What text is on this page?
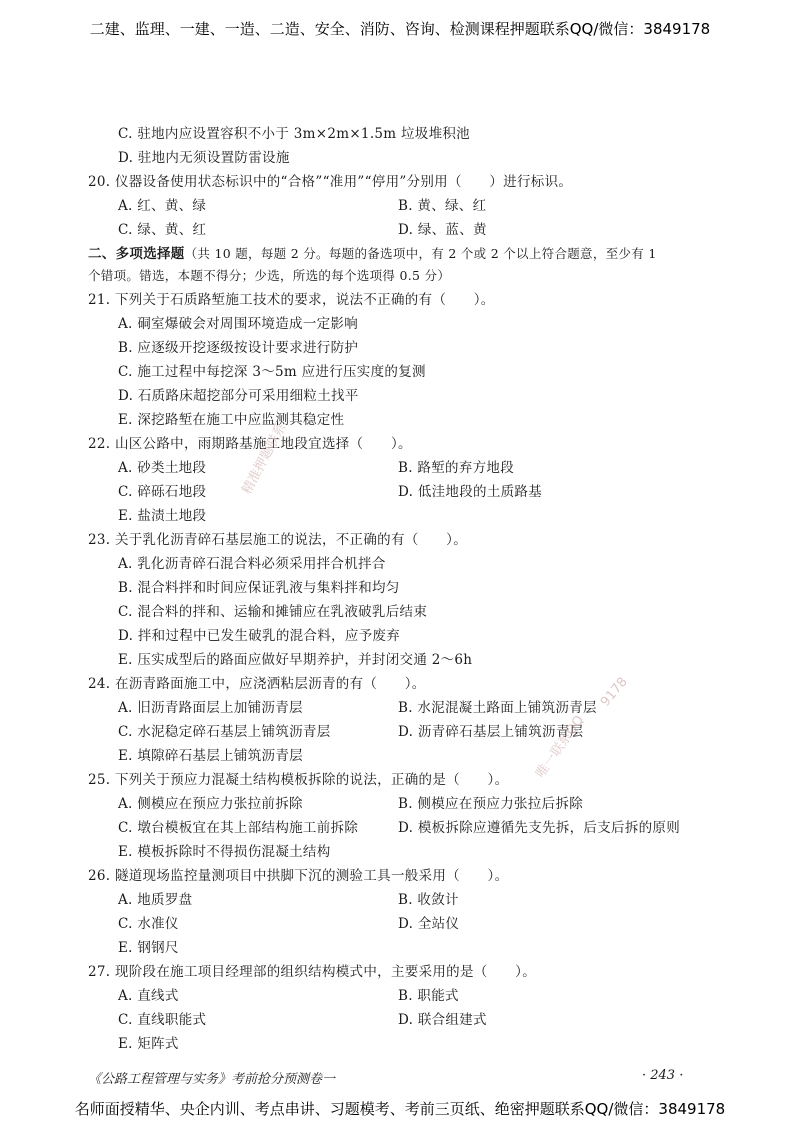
二建、监理、一建、一造、二造、安全、消防、咨询、检测课程押题联系QQ/微信：3849178
C. 驻地内应设置容积不小于 3m×2m×1.5m 垃圾堆积池
D. 驻地内无须设置防雷设施
20. 仪器设备使用状态标识中的“合格”“准用”“停用”分别用（　　）进行标识。
A. 红、黄、绿	B. 黄、绿、红
C. 绿、黄、红	D. 绿、蓝、黄
二、多项选择题（共 10 题，每题 2 分。每题的备选项中，有 2 个或 2 个以上符合题意，至少有 1
个错项。错选，本题不得分；少选，所选的每个选项得 0.5 分）
21. 下列关于石质路堑施工技术的要求，说法不正确的有（　　）。
A. 硐室爆破会对周围环境造成一定影响
B. 应逐级开挖逐级按设计要求进行防护
C. 施工过程中每挖深 3～5m 应进行压实度的复测
D. 石质路床超挖部分可采用细粒土找平
E. 深挖路堑在施工中应监测其稳定性
22. 山区公路中，雨期路基施工地段宜选择（　　）。
A. 砂类土地段	B. 路堑的弃方地段
C. 碎砾石地段	D. 低洼地段的土质路基
E. 盐渍土地段
23. 关于乳化沥青碎石基层施工的说法，不正确的有（　　）。
A. 乳化沥青碎石混合料必须采用拌合机拌合
B. 混合料拌和时间应保证乳液与集料拌和均匀
C. 混合料的拌和、运输和摊铺应在乳液破乳后结束
D. 拌和过程中已发生破乳的混合料，应予废弃
E. 压实成型后的路面应做好早期养护，并封闭交通 2～6h
24. 在沥青路面施工中，应浇洒粘层沥青的有（　　）。
A. 旧沥青路面层上加铺沥青层	B. 水泥混凝土路面上铺筑沥青层
C. 水泥稳定碎石基层上铺筑沥青层	D. 沥青碎石基层上铺筑沥青层
E. 填隙碎石基层上铺筑沥青层
25. 下列关于预应力混凝土结构模板拆除的说法，正确的是（　　）。
A. 侧模应在预应力张拉前拆除	B. 侧模应在预应力张拉后拆除
C. 墩台模板宜在其上部结构施工前拆除	D. 模板拆除应遵循先支先拆，后支后拆的原则
E. 模板拆除时不得损伤混凝土结构
26. 隧道现场监控量测项目中拱脚下沉的测验工具一般采用（　　）。
A. 地质罗盘	B. 收敛计
C. 水准仪	D. 全站仪
E. 钢钢尺
27. 现阶段在施工项目经理部的组织结构模式中，主要采用的是（　　）。
A. 直线式	B. 职能式
C. 直线职能式	D. 联合组建式
E. 矩阵式
《公路工程管理与实务》考前抢分预测卷一	· 243 ·
精准押题联系
9178
唯一联系QQ
名师面授精华、央企内训、考点串讲、习题模考、考前三页纸、绝密押题联系QQ/微信：3849178
